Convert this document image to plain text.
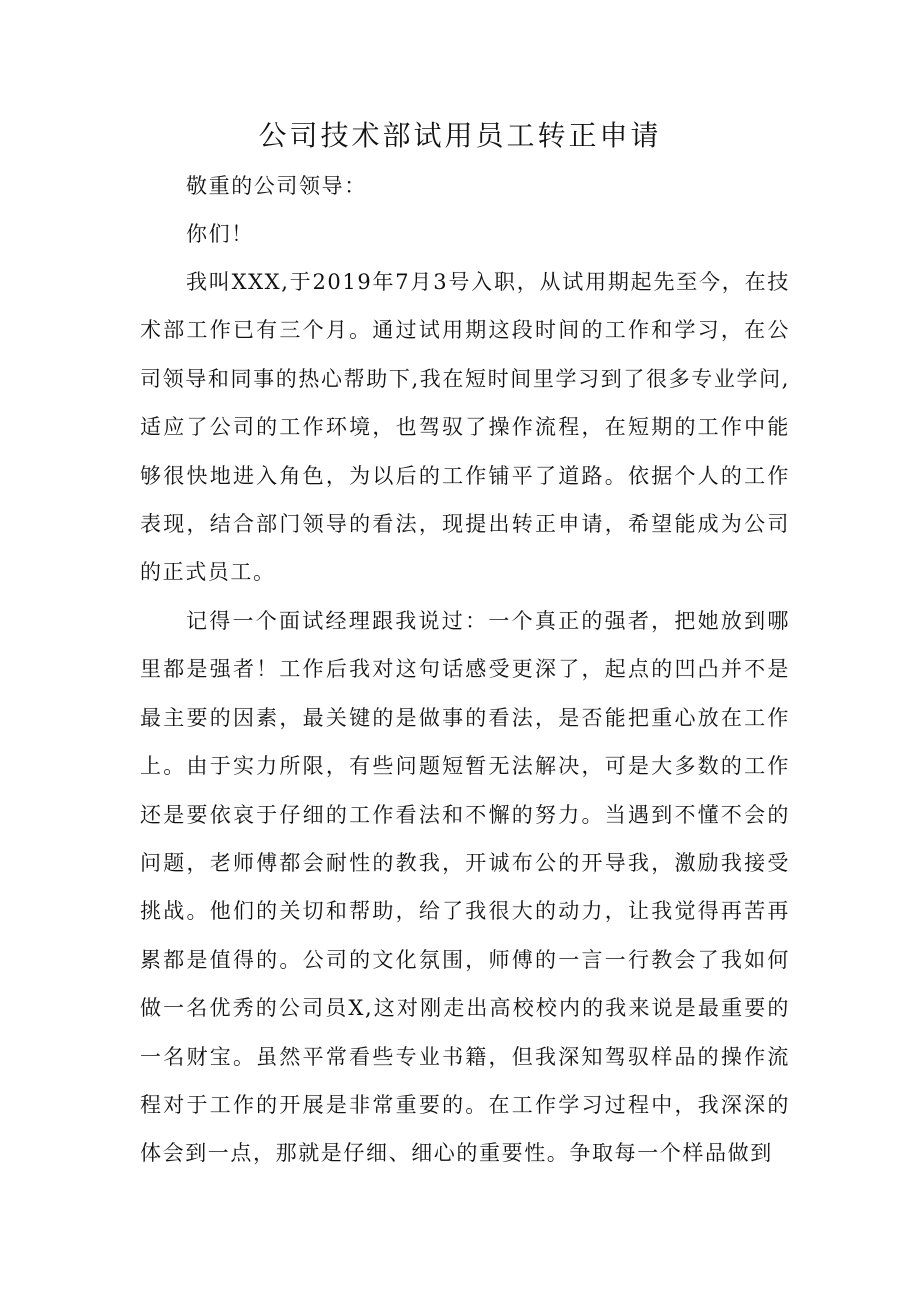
公司技术部试用员工转正申请
敬重的公司领导：
你们！
我叫XXX,于2019年7月3号入职，从试用期起先至今，在技术部工作已有三个月。通过试用期这段时间的工作和学习，在公司领导和同事的热心帮助下,我在短时间里学习到了很多专业学问,适应了公司的工作环境，也驾驭了操作流程，在短期的工作中能够很快地进入角色，为以后的工作铺平了道路。依据个人的工作表现，结合部门领导的看法，现提出转正申请，希望能成为公司的正式员工。
记得一个面试经理跟我说过：一个真正的强者，把她放到哪里都是强者！工作后我对这句话感受更深了，起点的凹凸并不是最主要的因素，最关键的是做事的看法，是否能把重心放在工作上。由于实力所限，有些问题短暂无法解决，可是大多数的工作还是要依哀于仔细的工作看法和不懈的努力。当遇到不懂不会的问题，老师傅都会耐性的教我，开诚布公的开导我，激励我接受挑战。他们的关切和帮助，给了我很大的动力，让我觉得再苦再累都是值得的。公司的文化氛围，师傅的一言一行教会了我如何做一名优秀的公司员X,这对刚走出高校校内的我来说是最重要的一名财宝。虽然平常看些专业书籍，但我深知驾驭样品的操作流程对于工作的开展是非常重要的。在工作学习过程中，我深深的体会到一点，那就是仔细、细心的重要性。争取每一个样品做到
